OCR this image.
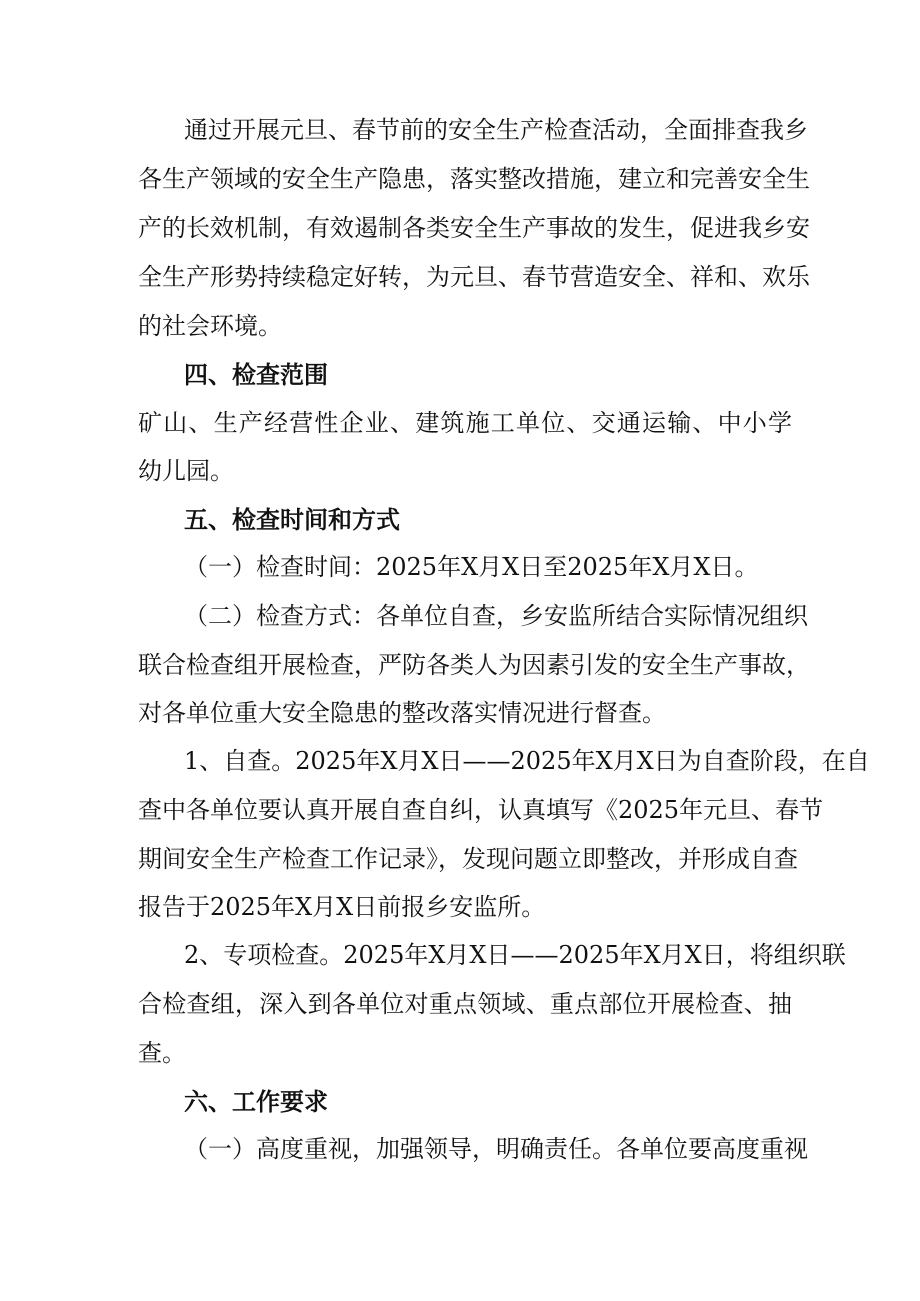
通过开展元旦、春节前的安全生产检查活动，全面排查我乡
各生产领域的安全生产隐患，落实整改措施，建立和完善安全生
产的长效机制，有效遏制各类安全生产事故的发生，促进我乡安
全生产形势持续稳定好转，为元旦、春节营造安全、祥和、欢乐
的社会环境。
四、检查范围
矿山、生产经营性企业、建筑施工单位、交通运输、中小学
幼儿园。
五、检查时间和方式
（一）检查时间：2025年X月X日至2025年X月X日。
（二）检查方式：各单位自查，乡安监所结合实际情况组织
联合检查组开展检查，严防各类人为因素引发的安全生产事故，
对各单位重大安全隐患的整改落实情况进行督查。
1、自查。2025年X月X日——2025年X月X日为自查阶段，在自
查中各单位要认真开展自查自纠，认真填写《2025年元旦、春节
期间安全生产检查工作记录》，发现问题立即整改，并形成自查
报告于2025年X月X日前报乡安监所。
2、专项检查。2025年X月X日——2025年X月X日，将组织联
合检查组，深入到各单位对重点领域、重点部位开展检查、抽
查。
六、工作要求
（一）高度重视，加强领导，明确责任。各单位要高度重视
